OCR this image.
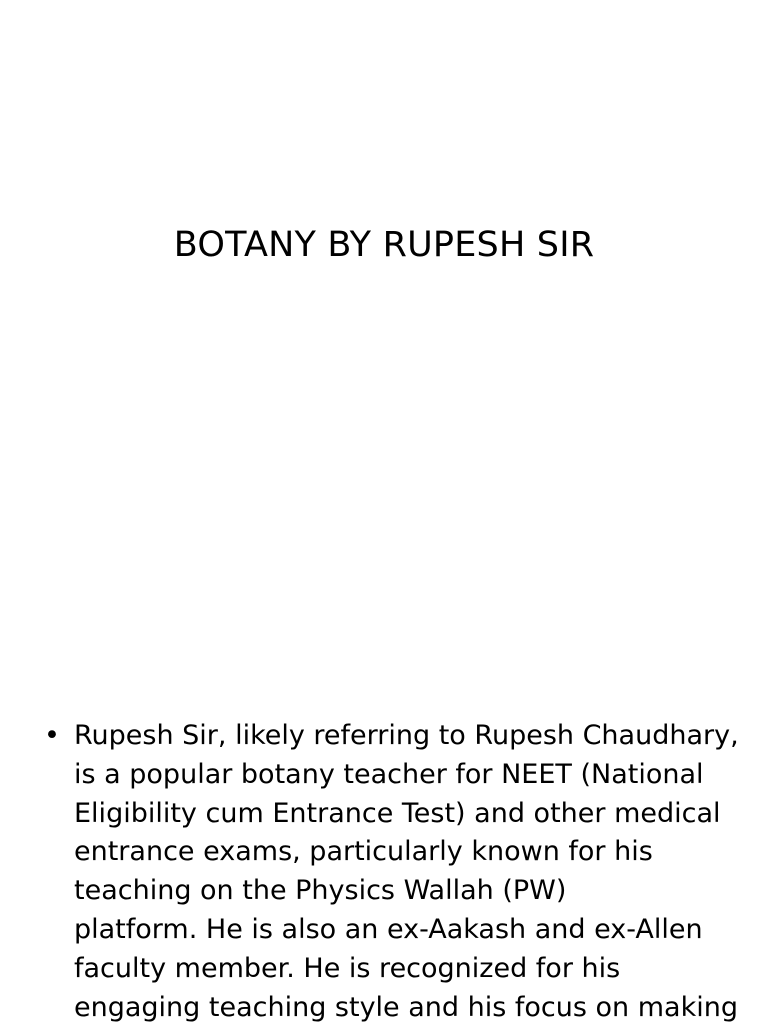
BOTANY BY RUPESH SIR
• Rupesh Sir, likely referring to Rupesh Chaudhary,
is a popular botany teacher for NEET (National
Eligibility cum Entrance Test) and other medical
entrance exams, particularly known for his
teaching on the Physics Wallah (PW)
platform. He is also an ex-Aakash and ex-Allen
faculty member. He is recognized for his
engaging teaching style and his focus on making
